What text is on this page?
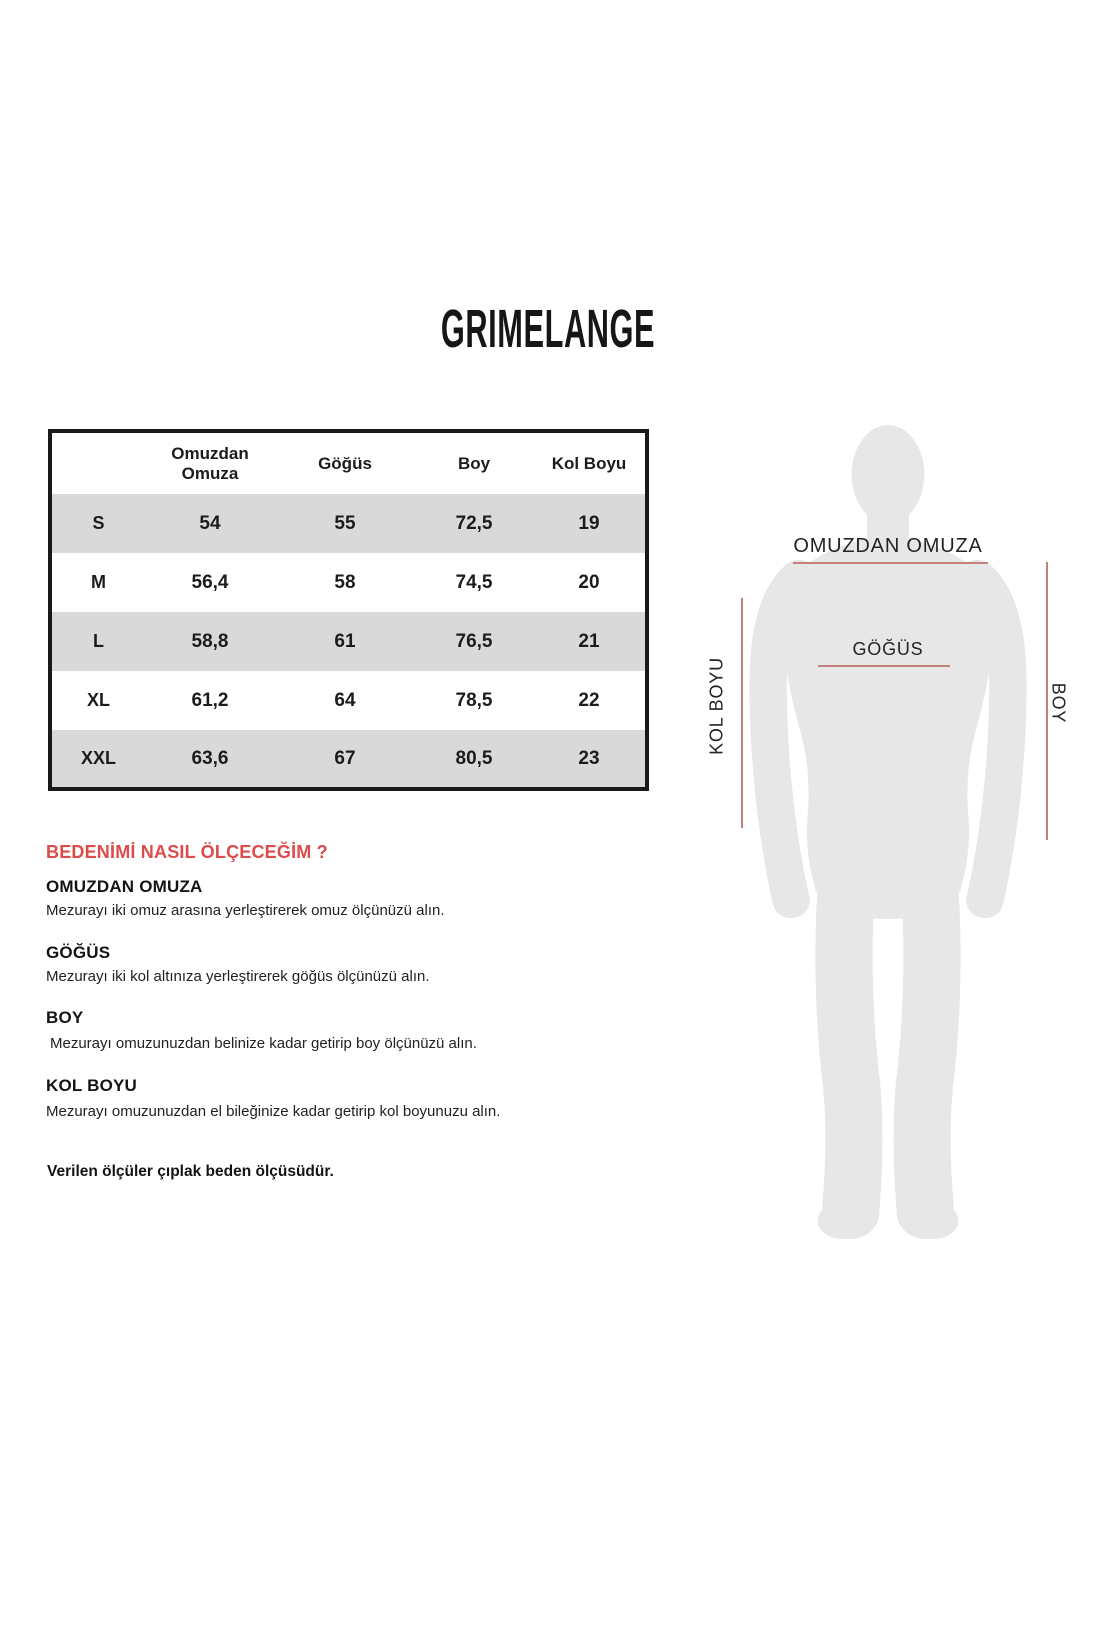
GRIMELANGE
	Omuzdan Omuza	Göğüs	Boy	Kol Boyu
S	54	55	72,5	19
M	56,4	58	74,5	20
L	58,8	61	76,5	21
XL	61,2	64	78,5	22
XXL	63,6	67	80,5	23
BEDENİMİ NASIL ÖLÇECEĞİM ?
OMUZDAN OMUZA
Mezurayı iki omuz arasına yerleştirerek omuz ölçünüzü alın.
GÖĞÜS
Mezurayı iki kol altınıza yerleştirerek göğüs ölçünüzü alın.
BOY
Mezurayı omuzunuzdan belinize kadar getirip boy ölçünüzü alın.
KOL BOYU
Mezurayı omuzunuzdan el bileğinize kadar getirip kol boyunuzu alın.
Verilen ölçüler çıplak beden ölçüsüdür.
OMUZDAN OMUZA
GÖĞÜS
KOL BOYU	BOY
